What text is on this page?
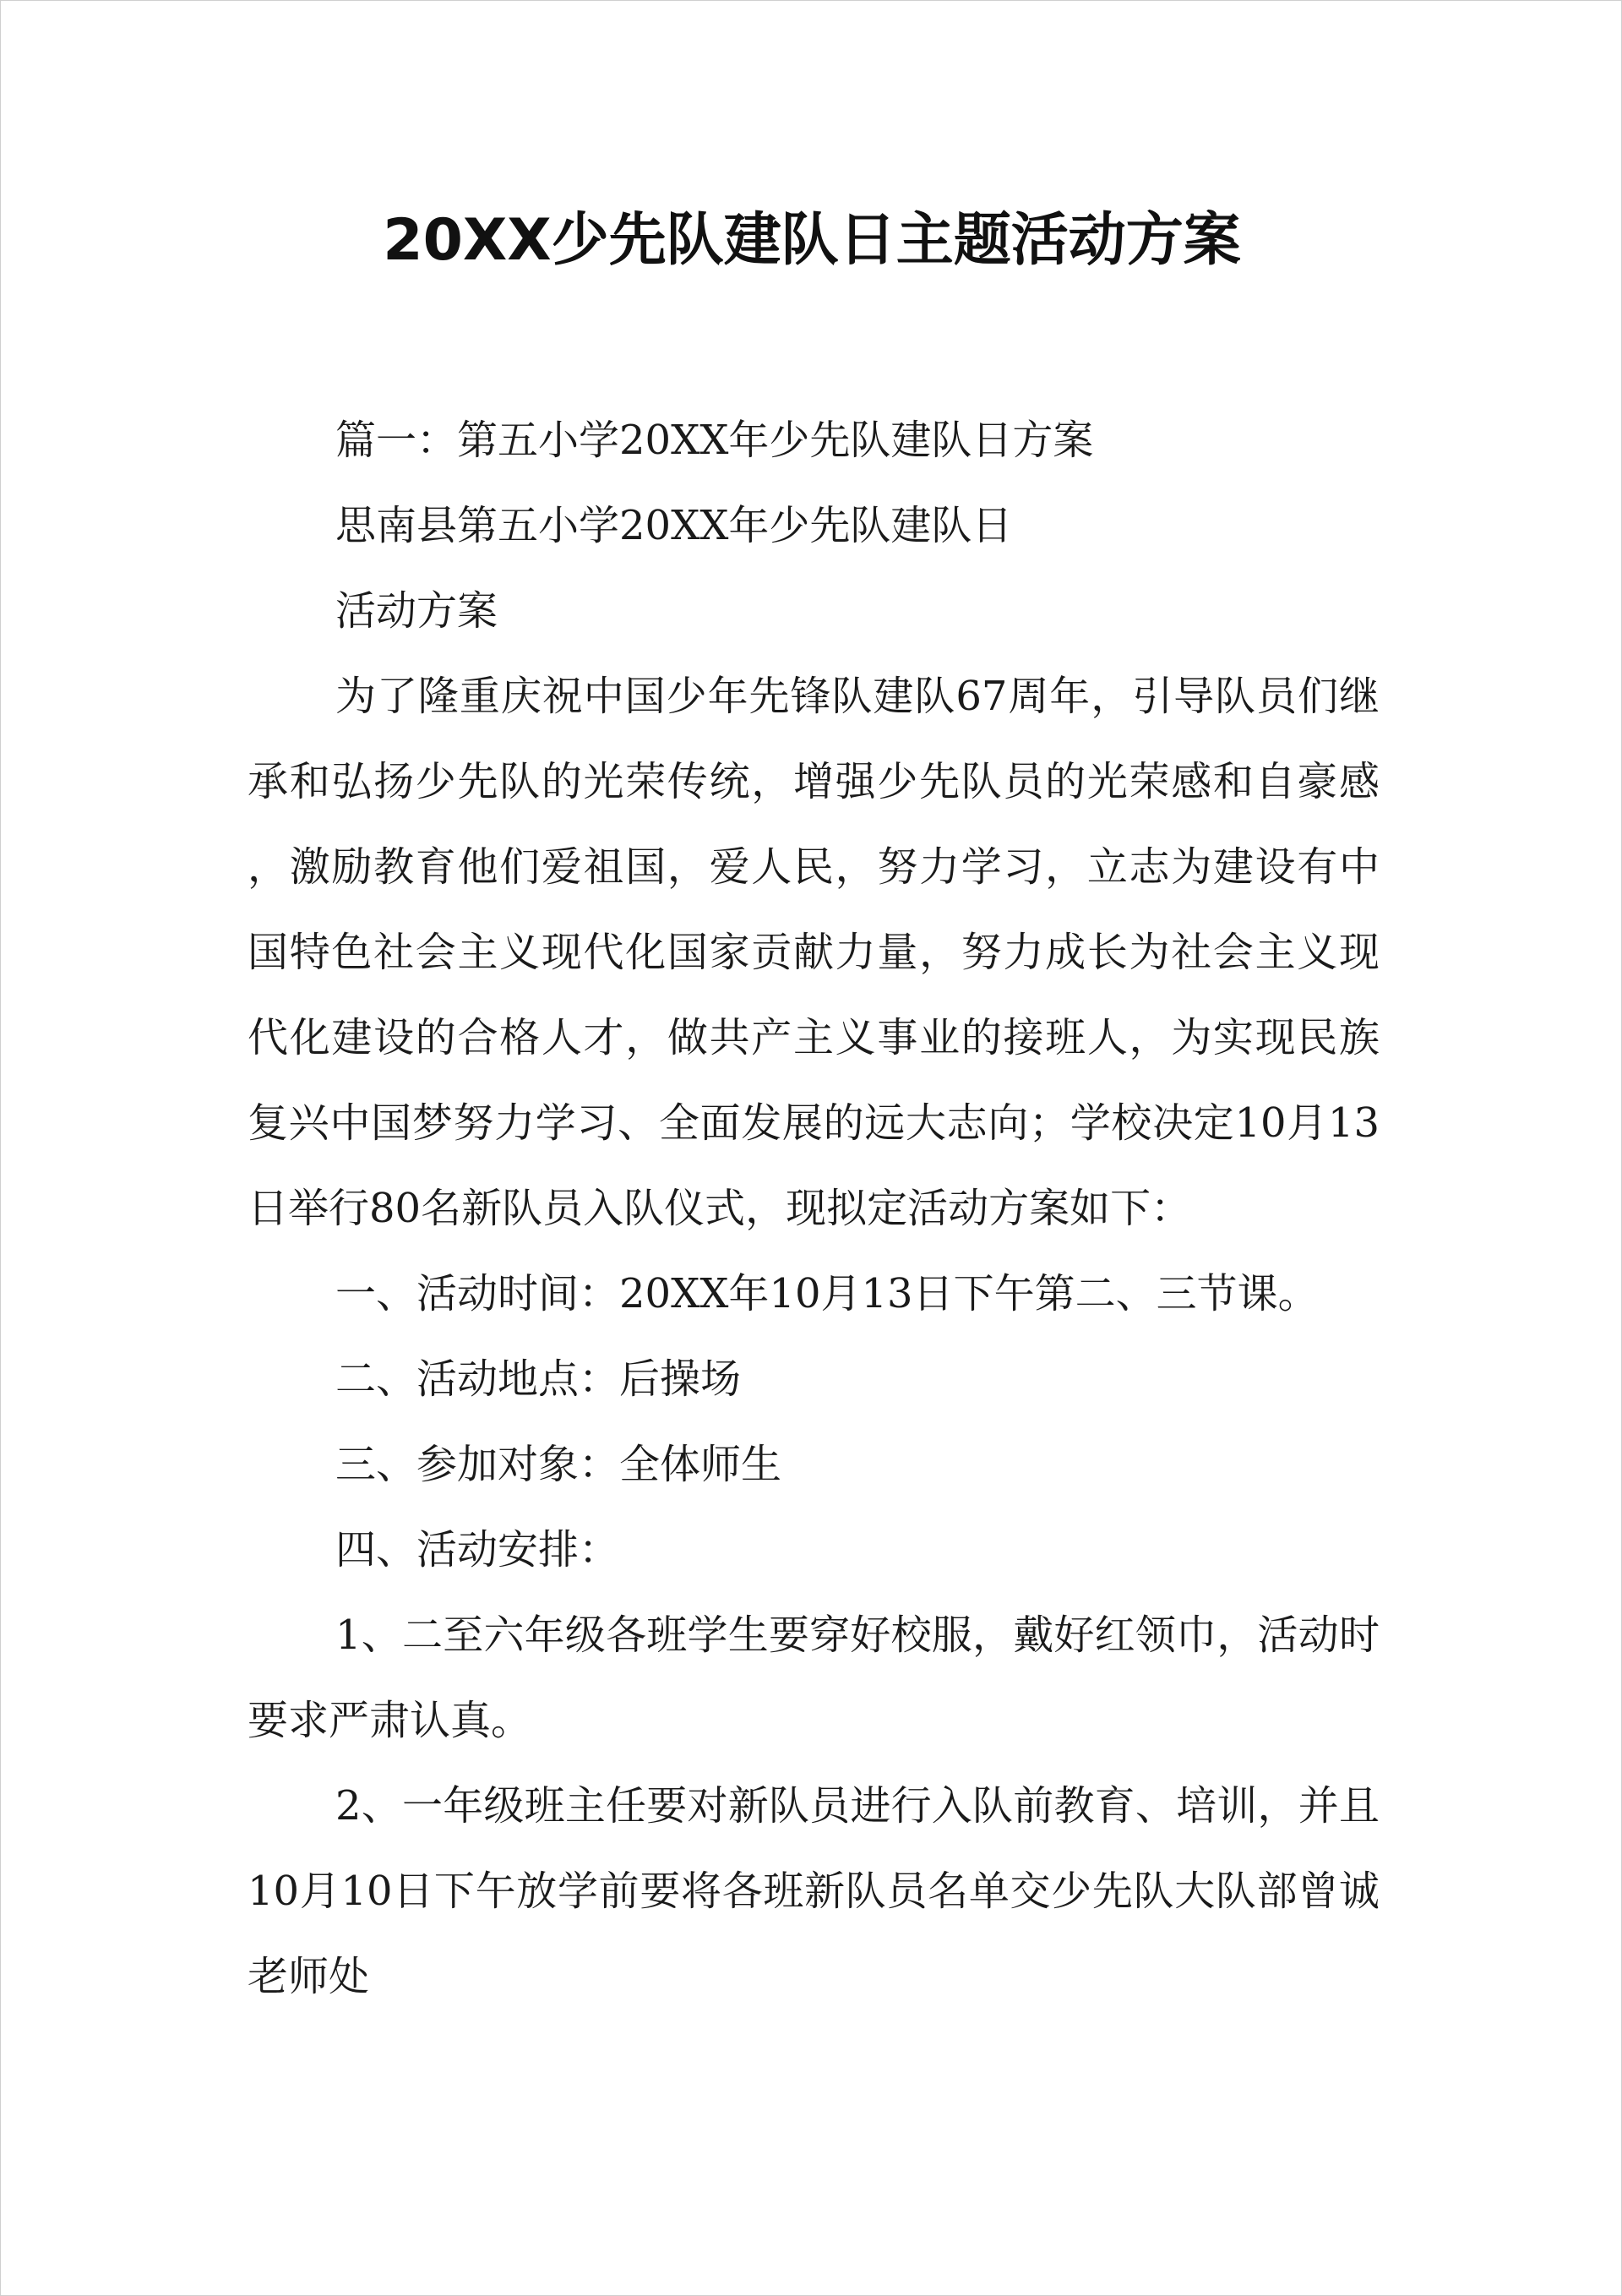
20XX少先队建队日主题活动方案

篇一：第五小学20XX年少先队建队日方案

思南县第五小学20XX年少先队建队日

活动方案

为了隆重庆祝中国少年先锋队建队67周年，引导队员们继承和弘扬少先队的光荣传统，增强少先队员的光荣感和自豪感，激励教育他们爱祖国，爱人民，努力学习，立志为建设有中国特色社会主义现代化国家贡献力量，努力成长为社会主义现代化建设的合格人才，做共产主义事业的接班人，为实现民族复兴中国梦努力学习、全面发展的远大志向；学校决定10月13日举行80名新队员入队仪式，现拟定活动方案如下：

一、活动时间：20XX年10月13日下午第二、三节课。

二、活动地点：后操场

三、参加对象：全体师生

四、活动安排：

1、二至六年级各班学生要穿好校服，戴好红领巾，活动时要求严肃认真。

2、一年级班主任要对新队员进行入队前教育、培训，并且10月10日下午放学前要将各班新队员名单交少先队大队部曾诚老师处
